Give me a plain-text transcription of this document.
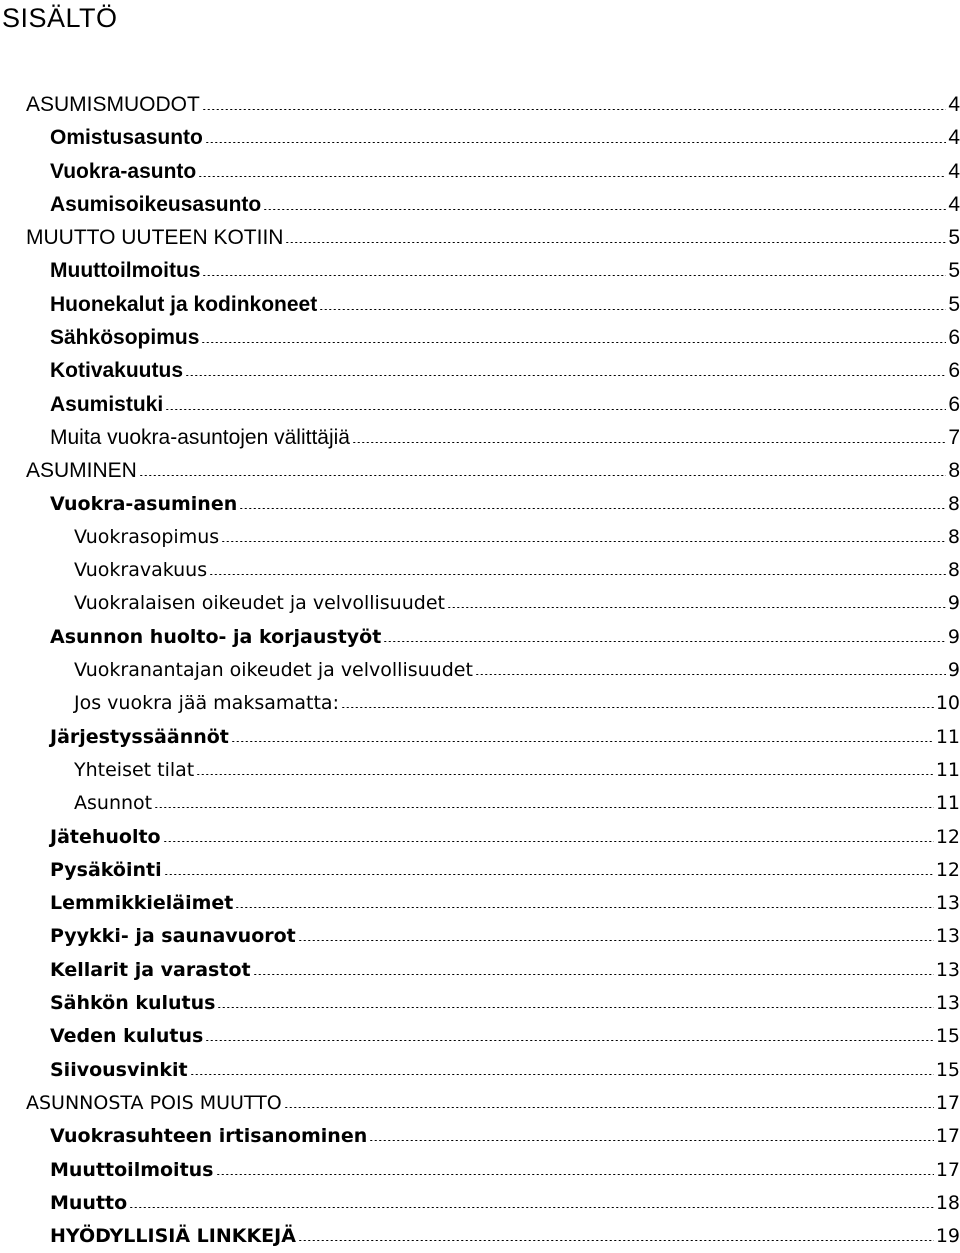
SISÄLTÖ
ASUMISMUODOT	4
Omistusasunto	4
Vuokra-asunto	4
Asumisoikeusasunto	4
MUUTTO UUTEEN KOTIIN	5
Muuttoilmoitus	5
Huonekalut ja kodinkoneet	5
Sähkösopimus	6
Kotivakuutus	6
Asumistuki	6
Muita vuokra-asuntojen välittäjiä	7
ASUMINEN	8
Vuokra-asuminen	8
Vuokrasopimus	8
Vuokravakuus	8
Vuokralaisen oikeudet ja velvollisuudet	9
Asunnon huolto- ja korjaustyöt	9
Vuokranantajan oikeudet ja velvollisuudet	9
Jos vuokra jää maksamatta:	10
Järjestyssäännöt	11
Yhteiset tilat	11
Asunnot	11
Jätehuolto	12
Pysäköinti	12
Lemmikkieläimet	13
Pyykki- ja saunavuorot	13
Kellarit ja varastot	13
Sähkön kulutus	13
Veden kulutus	15
Siivousvinkit	15
ASUNNOSTA POIS MUUTTO	17
Vuokrasuhteen irtisanominen	17
Muuttoilmoitus	17
Muutto	18
HYÖDYLLISIÄ LINKKEJÄ	19
